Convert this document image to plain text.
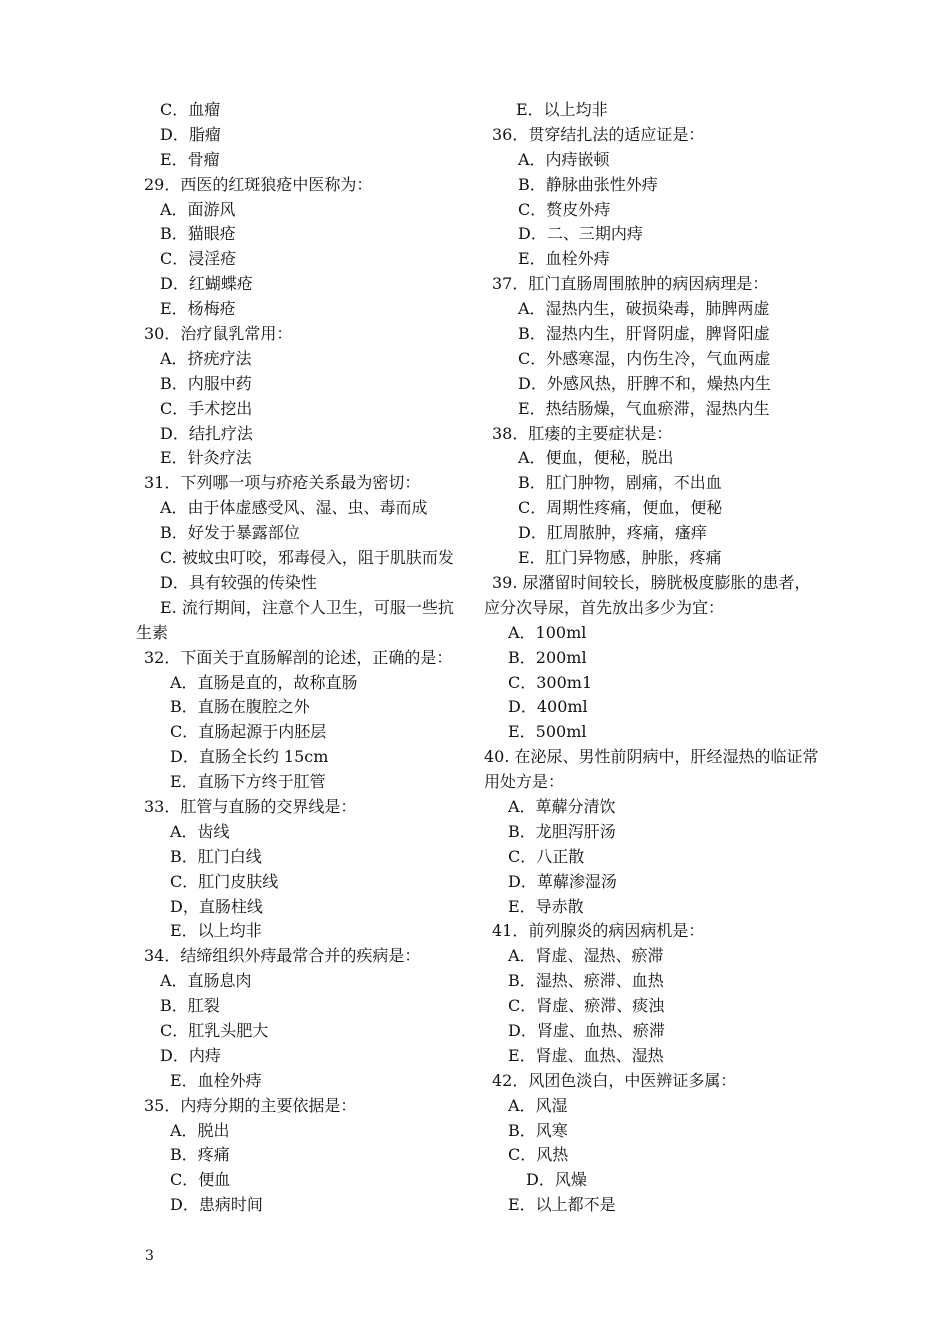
C．血瘤
D．脂瘤
E．骨瘤
29．西医的红斑狼疮中医称为：
A．面游风
B．猫眼疮
C．浸淫疮
D．红蝴蝶疮
E．杨梅疮
30．治疗鼠乳常用：
A．挤疣疗法
B．内服中药
C．手术挖出
D．结扎疗法
E．针灸疗法
31．下列哪一项与疥疮关系最为密切：
A．由于体虚感受风、湿、虫、毒而成
B．好发于暴露部位
C. 被蚊虫叮咬，邪毒侵入，阻于肌肤而发
D．具有较强的传染性
E. 流行期间，注意个人卫生，可服一些抗生素
32．下面关于直肠解剖的论述，正确的是：
A．直肠是直的，故称直肠
B．直肠在腹腔之外
C．直肠起源于内胚层
D．直肠全长约 15cm
E．直肠下方终于肛管
33．肛管与直肠的交界线是：
A．齿线
B．肛门白线
C．肛门皮肤线
D，直肠柱线
E．以上均非
34．结缔组织外痔最常合并的疾病是：
A．直肠息肉
B．肛裂
C．肛乳头肥大
D．内痔
E．血栓外痔
35．内痔分期的主要依据是：
A．脱出
B．疼痛
C．便血
D．患病时间
E．以上均非
36．贯穿结扎法的适应证是：
A．内痔嵌顿
B．静脉曲张性外痔
C．赘皮外痔
D．二、三期内痔
E．血栓外痔
37．肛门直肠周围脓肿的病因病理是：
A．湿热内生，破损染毒，肺脾两虚
B．湿热内生，肝肾阴虚，脾肾阳虚
C．外感寒湿，内伤生冷，气血两虚
D．外感风热，肝脾不和，燥热内生
E．热结肠燥，气血瘀滞，湿热内生
38．肛瘘的主要症状是：
A．便血，便秘，脱出
B．肛门肿物，剧痛，不出血
C．周期性疼痛，便血，便秘
D．肛周脓肿，疼痛，瘙痒
E．肛门异物感，肿胀，疼痛
39. 尿潴留时间较长，膀胱极度膨胀的患者，应分次导尿，首先放出多少为宜：
A．100ml
B．200ml
C．300m1
D．400ml
E．500ml
40. 在泌尿、男性前阴病中，肝经湿热的临证常用处方是：
A．萆薢分清饮
B．龙胆泻肝汤
C．八正散
D．萆薢渗湿汤
E．导赤散
41．前列腺炎的病因病机是：
A．肾虚、湿热、瘀滞
B．湿热、瘀滞、血热
C．肾虚、瘀滞、痰浊
D．肾虚、血热、瘀滞
E．肾虚、血热、湿热
42．风团色淡白，中医辨证多属：
A．风湿
B．风寒
C．风热
D．风燥
E．以上都不是
3
